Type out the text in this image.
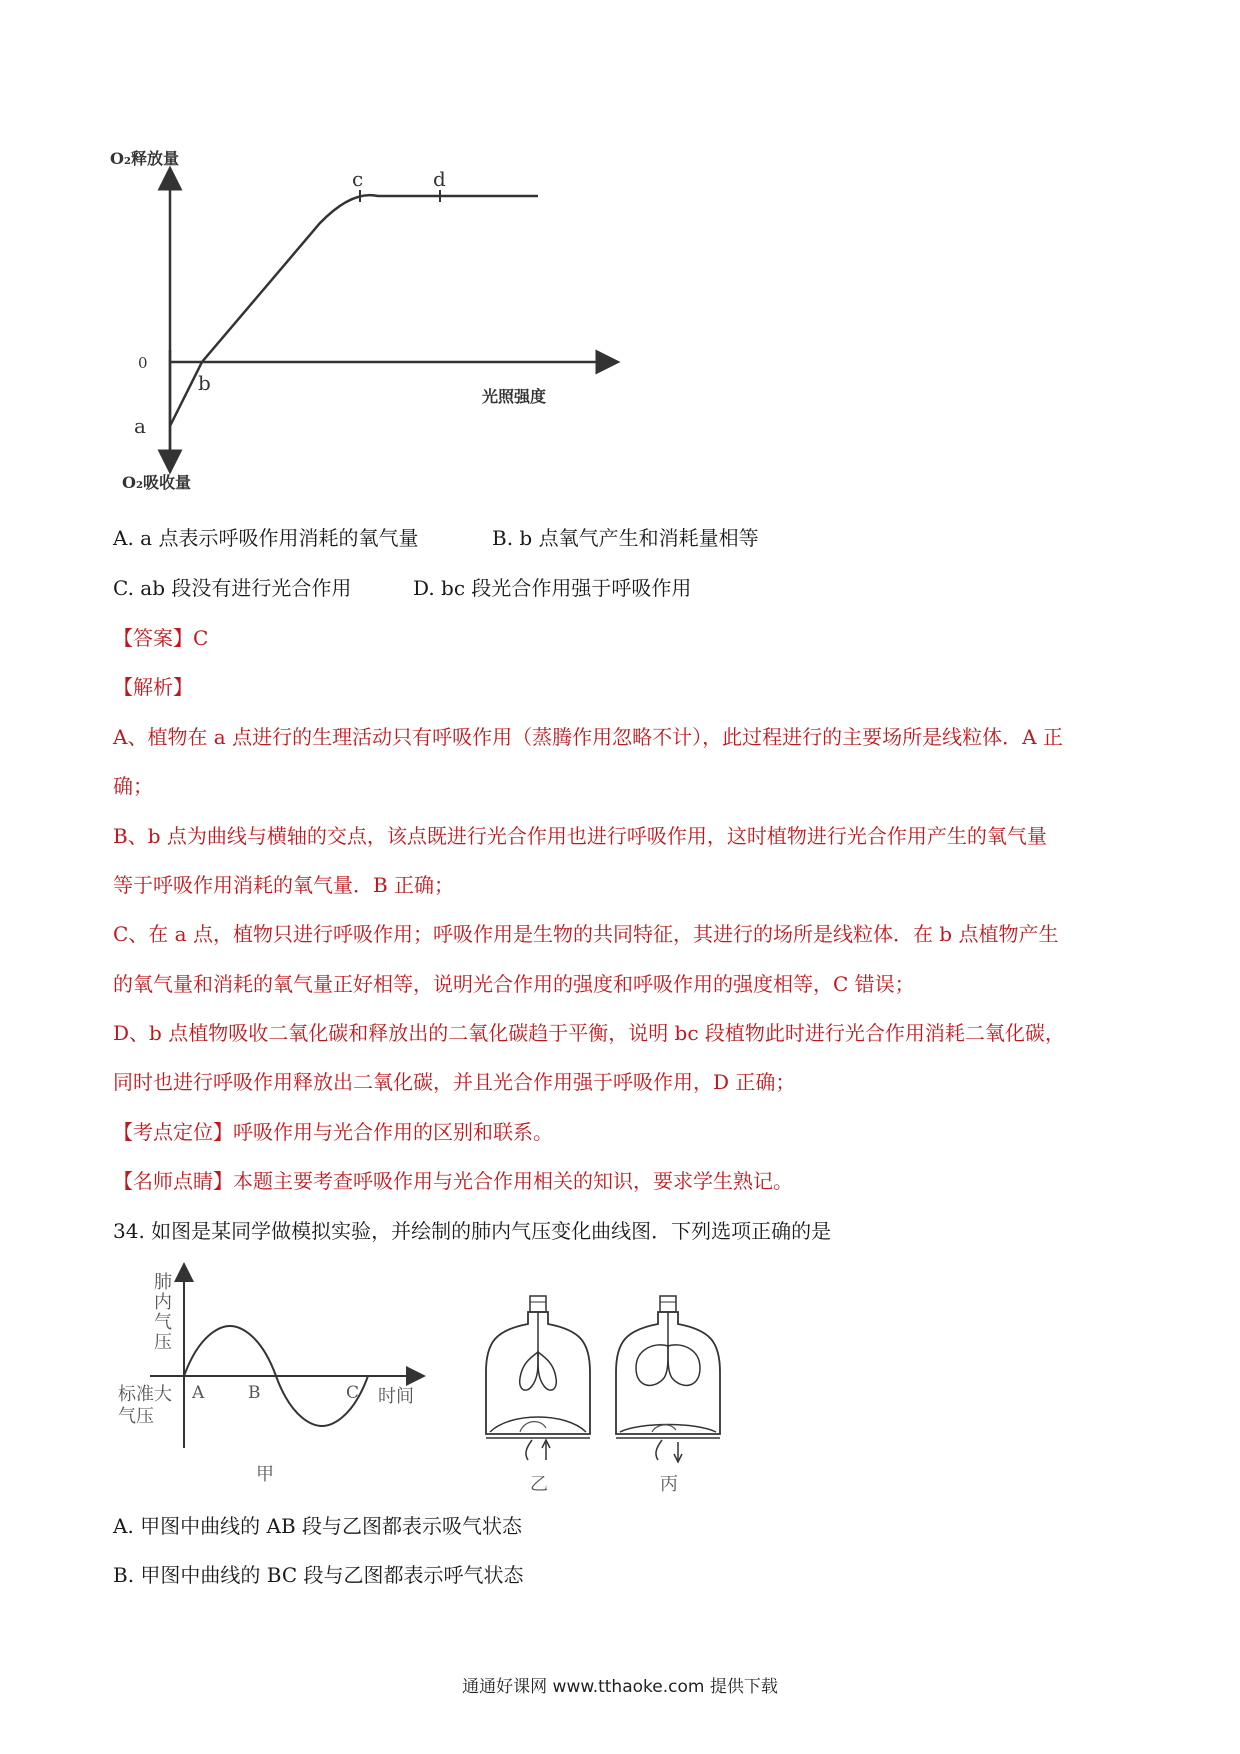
O₂释放量
O₂吸收量
0
光照强度
a
b
c	d
A. a 点表示呼吸作用消耗的氧气量	B. b 点氧气产生和消耗量相等
C. ab 段没有进行光合作用	D. bc 段光合作用强于呼吸作用
【答案】C
【解析】
A、植物在 a 点进行的生理活动只有呼吸作用（蒸腾作用忽略不计），此过程进行的主要场所是线粒体．A 正
确；
B、b 点为曲线与横轴的交点，该点既进行光合作用也进行呼吸作用，这时植物进行光合作用产生的氧气量
等于呼吸作用消耗的氧气量．B 正确；
C、在 a 点，植物只进行呼吸作用；呼吸作用是生物的共同特征，其进行的场所是线粒体．在 b 点植物产生
的氧气量和消耗的氧气量正好相等，说明光合作用的强度和呼吸作用的强度相等，C 错误；
D、b 点植物吸收二氧化碳和释放出的二氧化碳趋于平衡，说明 bc 段植物此时进行光合作用消耗二氧化碳，
同时也进行呼吸作用释放出二氧化碳，并且光合作用强于呼吸作用，D 正确；
【考点定位】呼吸作用与光合作用的区别和联系。
【名师点睛】本题主要考查呼吸作用与光合作用相关的知识，要求学生熟记。
34. 如图是某同学做模拟实验，并绘制的肺内气压变化曲线图．下列选项正确的是
肺
内
气
压
标准大
气压
A	B	C 时间
甲	乙	丙
A. 甲图中曲线的 AB 段与乙图都表示吸气状态
B. 甲图中曲线的 BC 段与乙图都表示呼气状态
通通好课网 www.tthaoke.com 提供下载
